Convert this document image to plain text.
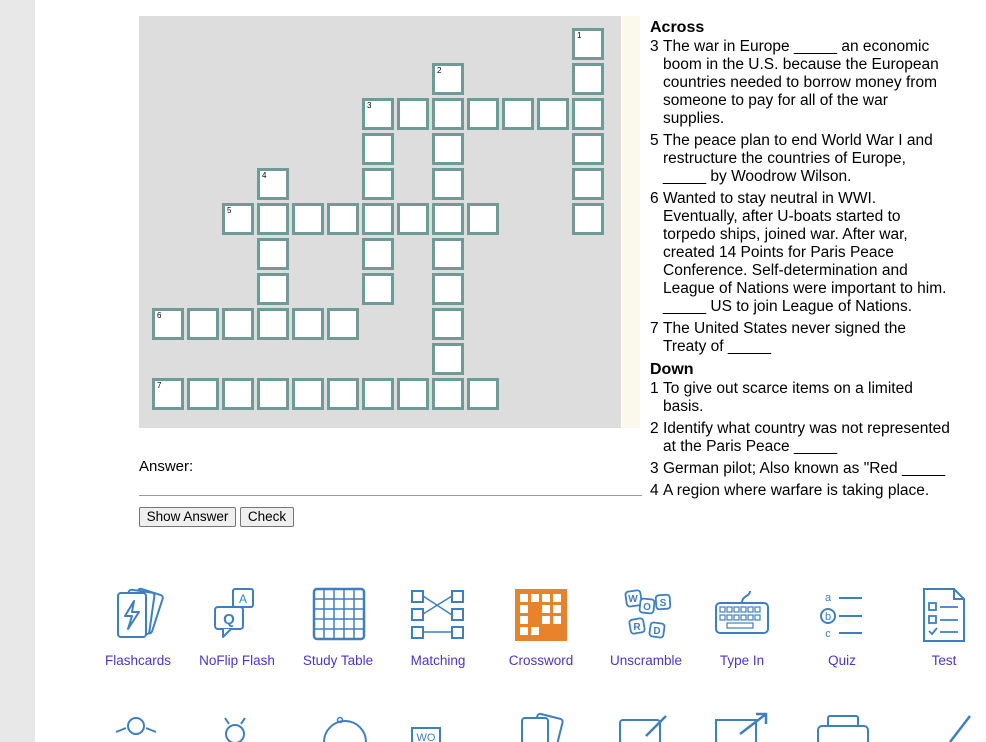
1
2
3
4
5
6
7
Across
3 The war in Europe _____ an economic boom in the U.S. because the European countries needed to borrow money from someone to pay for all of the war supplies.
5 The peace plan to end World War I and restructure the countries of Europe, _____ by Woodrow Wilson.
6 Wanted to stay neutral in WWI. Eventually, after U-boats started to torpedo ships, joined war. After war, created 14 Points for Paris Peace Conference. Self-determination and League of Nations were important to him. _____ US to join League of Nations.
7 The United States never signed the Treaty of _____
Down
1 To give out scarce items on a limited basis.
2 Identify what country was not represented at the Paris Peace _____
3 German pilot; Also known as "Red _____
4 A region where warfare is taking place.
Answer:
Show Answer	Check
Flashcards
A
Q
NoFlip Flash	Study Table	Matching	Crossword
W
O S
R D
Unscramble	Type In
a
b
c
Quiz	Test
WO
